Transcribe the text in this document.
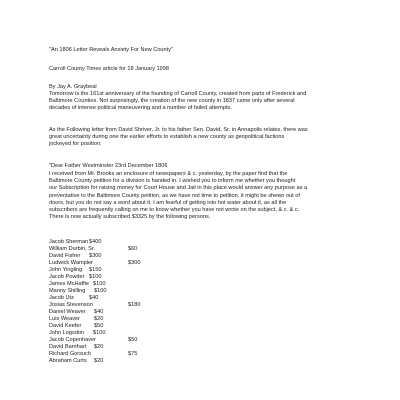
"An 1806 Letter Reveals Anxiety For New County"
Carroll County Times article for 18 January 1998
By Jay A. Graybeal
Tomorrow is the 161st anniversary of the founding of Carroll County, created from parts of Frederick and
Baltimore Counties. Not surprisingly, the creation of the new county in 1837 came only after several
decades of intense political maneuvering and a number of failed attempts.
As the Following letter from David Shriver, Jr. to his father Sen. David, Sr. in Annapolis relates, there was
great uncertainty during one the earlier efforts to establish a new county as geopolitical factions
jockeyed for position:
"Dear Father Westminster 23rd December 1806
I received from Mr. Brooks an enclosure of newspapers & c. yesterday, by the paper find that the
Baltimore County petition for a division is handed in. I wished you to inform me whether you thought
our Subscription for raising money for Court House and Jail in this place would answer any purpose as a
preventative to the Baltimore County petition, as we have not time to petition. it might be shewn out of
doors, but you do not say a word about it. I am fearful of getting into hot water about it, as all the
subscribers are frequently calling on me to know whether you have not wrote on the subject, & c. & c.
There is now actually subscribed $3325 by the following persons.
Jacob Sherman $400
William Durbin, Sr.	$60
David Fisher $300
Ludwick Wampler	$300
John Yingling $150
Jacob Powder $100
James McHaffie $100
Manny Shilling $100
Jacob Utz	$40
Josias Stevenson	$180
Daniel Weaver $40
Luis Weaver	$20
David Keefer $50
John Logsdon $100
Jacob Copenhaver	$50
David Barnhart $20
Richard Gorsuch	$75
Abraham Curts $20
